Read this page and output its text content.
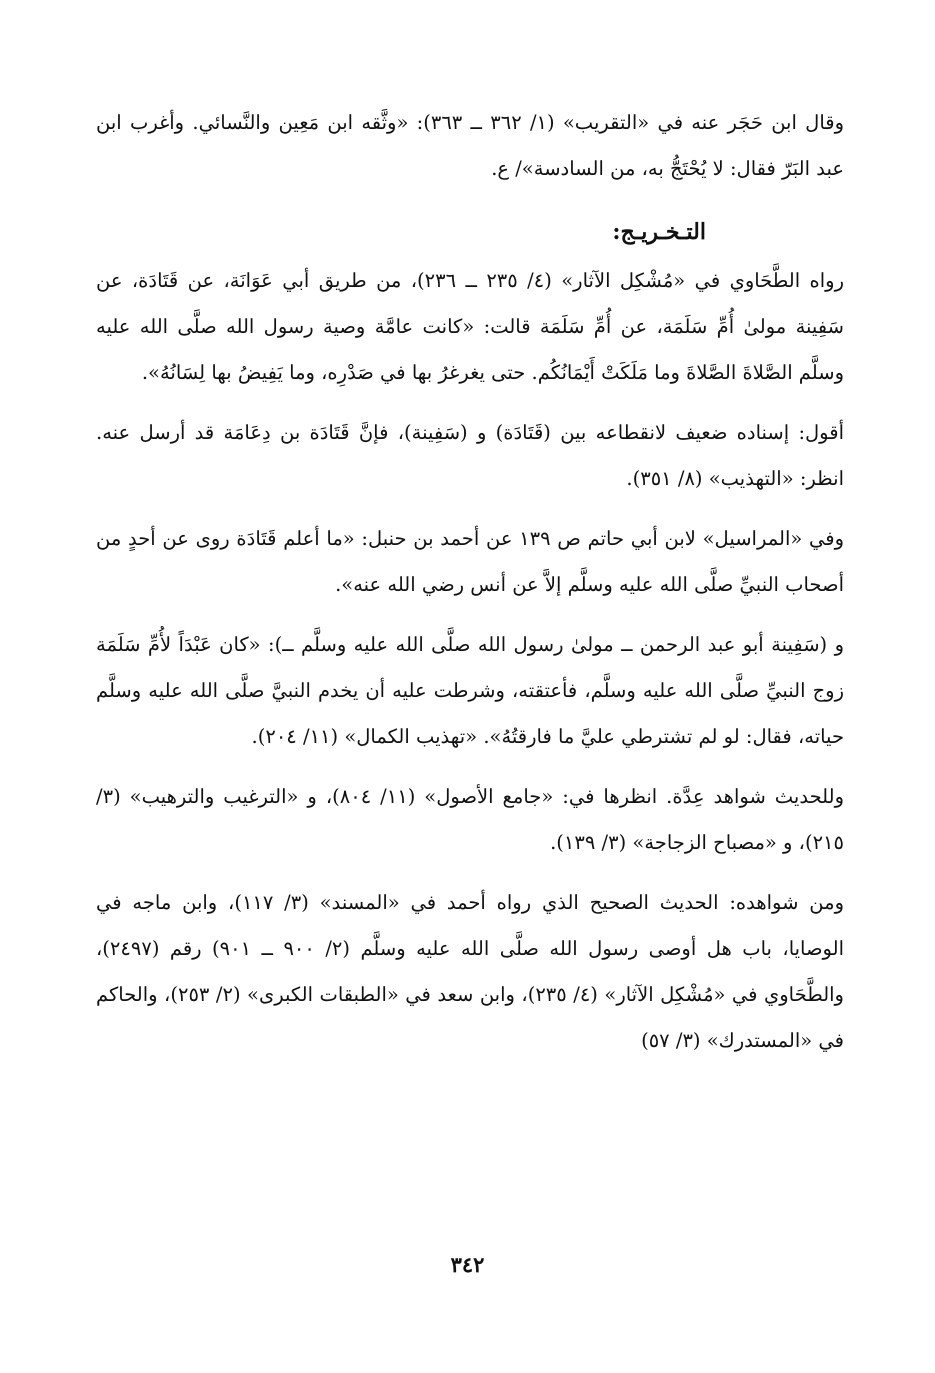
وقال ابن حَجَر عنه في «التقريب» (١/ ٣٦٢ ــ ٣٦٣): «وثَّقه ابن مَعِين والنَّسائي. وأغرب ابن عبد البَرّ فقال: لا يُحْتَجُّ به، من السادسة»/ ع.

التـخـريـج:

رواه الطَّحَاوي في «مُشْكِل الآثار» (٤/ ٢٣٥ ــ ٢٣٦)، من طريق أبي عَوَانَة، عن قَتَادَة، عن سَفِينة مولىٰ أُمِّ سَلَمَة، عن أُمِّ سَلَمَة قالت: «كانت عامَّة وصية رسول الله صلَّى الله عليه وسلَّم الصَّلاةَ الصَّلاةَ وما مَلَكَتْ أَيْمَانُكُم. حتى يغرغرُ بها في صَدْرِه، وما يَفِيضُ بها لِسَانُهُ».

أقول: إسناده ضعيف لانقطاعه بين (قَتَادَة) و (سَفِينة)، فإنَّ قَتَادَة بن دِعَامَة قد أرسل عنه. انظر: «التهذيب» (٨/ ٣٥١).

وفي «المراسيل» لابن أبي حاتم ص ١٣٩ عن أحمد بن حنبل: «ما أعلم قَتَادَة روى عن أحدٍ من أصحاب النبيِّ صلَّى الله عليه وسلَّم إلاَّ عن أنس رضي الله عنه».

و (سَفِينة أبو عبد الرحمن ــ مولىٰ رسول الله صلَّى الله عليه وسلَّم ــ): «كان عَبْدَاً لأُمِّ سَلَمَة زوج النبيِّ صلَّى الله عليه وسلَّم، فأعتقته، وشرطت عليه أن يخدم النبيَّ صلَّى الله عليه وسلَّم حياته، فقال: لو لم تشترطي عليَّ ما فارقتُهُ». «تهذيب الكمال» (١١/ ٢٠٤).

وللحديث شواهد عِدَّة. انظرها في: «جامع الأصول» (١١/ ٨٠٤)، و «الترغيب والترهيب» (٣/ ٢١٥)، و «مصباح الزجاجة» (٣/ ١٣٩).

ومن شواهده: الحديث الصحيح الذي رواه أحمد في «المسند» (٣/ ١١٧)، وابن ماجه في الوصايا، باب هل أوصى رسول الله صلَّى الله عليه وسلَّم (٢/ ٩٠٠ ــ ٩٠١) رقم (٢٤٩٧)، والطَّحَاوي في «مُشْكِل الآثار» (٤/ ٢٣٥)، وابن سعد في «الطبقات الكبرى» (٢/ ٢٥٣)، والحاكم في «المستدرك» (٣/ ٥٧)

٣٤٢
